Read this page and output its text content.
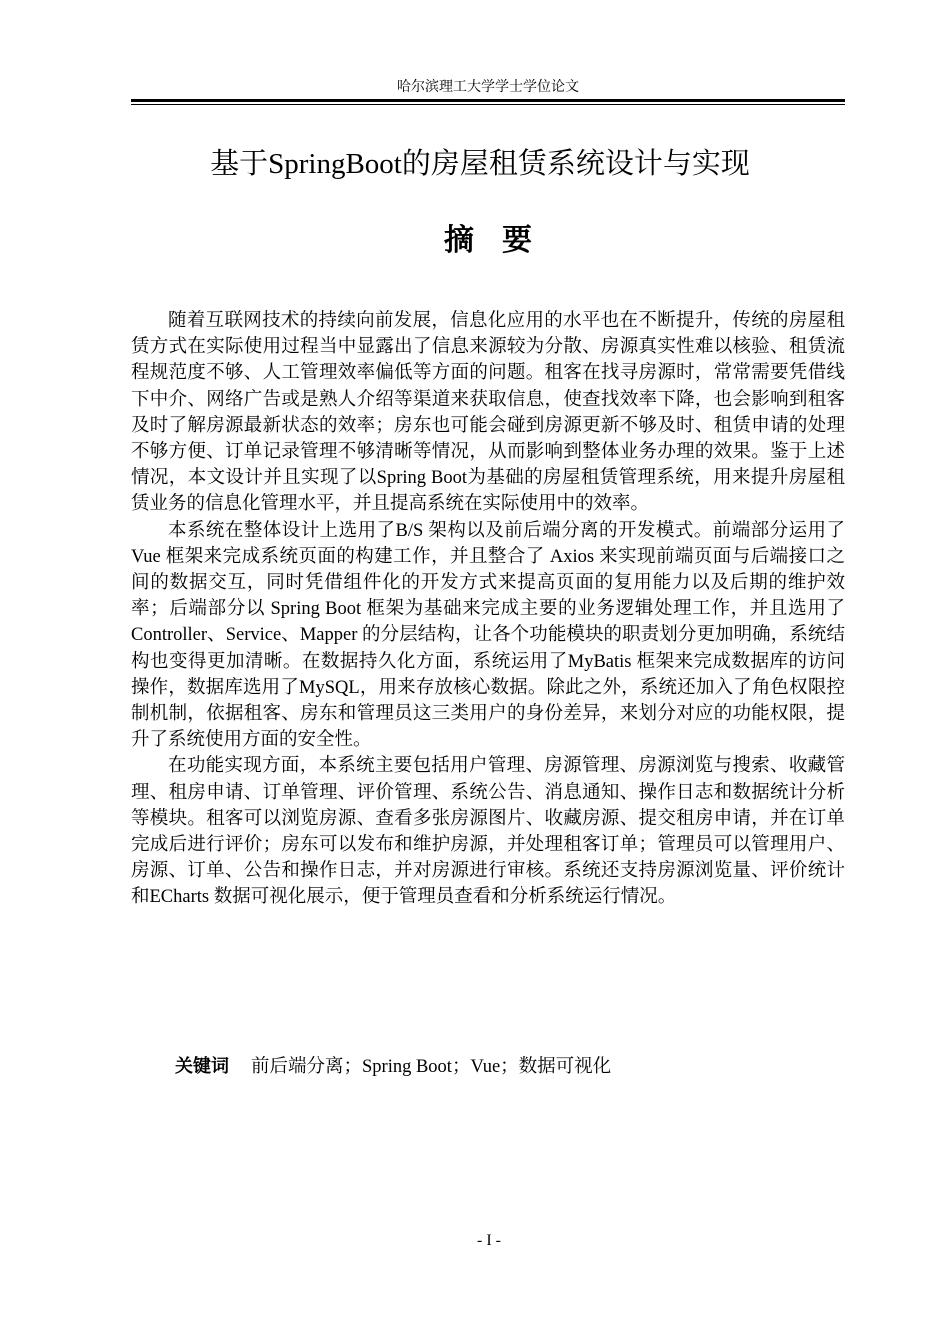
哈尔滨理工大学学士学位论文
基于SpringBoot的房屋租赁系统设计与实现
摘要

随着互联网技术的持续向前发展，信息化应用的水平也在不断提升，传统的房屋租赁方式在实际使用过程当中显露出了信息来源较为分散、房源真实性难以核验、租赁流程规范度不够、人工管理效率偏低等方面的问题。租客在找寻房源时，常常需要凭借线下中介、网络广告或是熟人介绍等渠道来获取信息，使查找效率下降，也会影响到租客及时了解房源最新状态的效率；房东也可能会碰到房源更新不够及时、租赁申请的处理不够方便、订单记录管理不够清晰等情况，从而影响到整体业务办理的效果。鉴于上述情况，本文设计并且实现了以Spring Boot为基础的房屋租赁管理系统，用来提升房屋租赁业务的信息化管理水平，并且提高系统在实际使用中的效率。

本系统在整体设计上选用了B/S 架构以及前后端分离的开发模式。前端部分运用了 Vue 框架来完成系统页面的构建工作，并且整合了 Axios 来实现前端页面与后端接口之间的数据交互，同时凭借组件化的开发方式来提高页面的复用能力以及后期的维护效率；后端部分以 Spring Boot 框架为基础来完成主要的业务逻辑处理工作，并且选用了 Controller、Service、Mapper 的分层结构，让各个功能模块的职责划分更加明确，系统结构也变得更加清晰。在数据持久化方面，系统运用了MyBatis 框架来完成数据库的访问操作，数据库选用了MySQL，用来存放核心数据。除此之外，系统还加入了角色权限控制机制，依据租客、房东和管理员这三类用户的身份差异，来划分对应的功能权限，提升了系统使用方面的安全性。

在功能实现方面，本系统主要包括用户管理、房源管理、房源浏览与搜索、收藏管理、租房申请、订单管理、评价管理、系统公告、消息通知、操作日志和数据统计分析等模块。租客可以浏览房源、查看多张房源图片、收藏房源、提交租房申请，并在订单完成后进行评价；房东可以发布和维护房源，并处理租客订单；管理员可以管理用户、房源、订单、公告和操作日志，并对房源进行审核。系统还支持房源浏览量、评价统计和ECharts 数据可视化展示，便于管理员查看和分析系统运行情况。

关键词 前后端分离；Spring Boot；Vue；数据可视化
- I -
